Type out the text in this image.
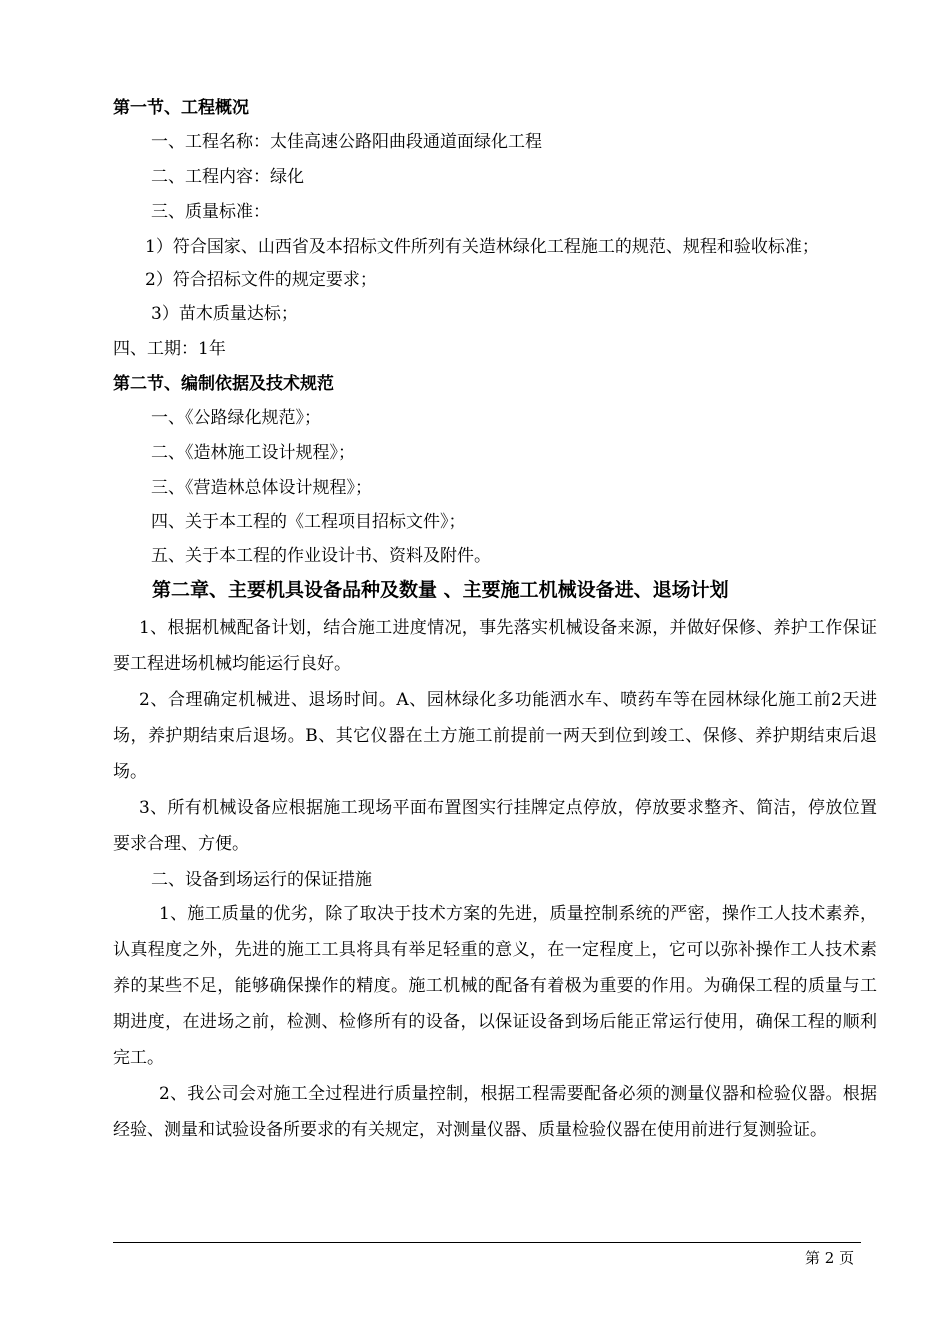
第一节、工程概况
一、工程名称：太佳高速公路阳曲段通道面绿化工程
二、工程内容：绿化
三、质量标准：
1）符合国家、山西省及本招标文件所列有关造林绿化工程施工的规范、规程和验收标准；
2）符合招标文件的规定要求；
3）苗木质量达标；
四、工期：1年
第二节、编制依据及技术规范
一、《公路绿化规范》；
二、《造林施工设计规程》；
三、《营造林总体设计规程》；
四、关于本工程的《工程项目招标文件》；
五、关于本工程的作业设计书、资料及附件。
第二章、主要机具设备品种及数量 、主要施工机械设备进、退场计划
1、根据机械配备计划，结合施工进度情况，事先落实机械设备来源，并做好保修、养护工作保证要工程进场机械均能运行良好。
2、合理确定机械进、退场时间。A、园林绿化多功能洒水车、喷药车等在园林绿化施工前2天进场，养护期结束后退场。B、其它仪器在土方施工前提前一两天到位到竣工、保修、养护期结束后退场。
3、所有机械设备应根据施工现场平面布置图实行挂牌定点停放，停放要求整齐、简洁，停放位置要求合理、方便。
二、设备到场运行的保证措施
1、施工质量的优劣，除了取决于技术方案的先进，质量控制系统的严密，操作工人技术素养，认真程度之外，先进的施工工具将具有举足轻重的意义，在一定程度上，它可以弥补操作工人技术素养的某些不足，能够确保操作的精度。施工机械的配备有着极为重要的作用。为确保工程的质量与工期进度，在进场之前，检测、检修所有的设备，以保证设备到场后能正常运行使用，确保工程的顺利完工。
2、我公司会对施工全过程进行质量控制，根据工程需要配备必须的测量仪器和检验仪器。根据经验、测量和试验设备所要求的有关规定，对测量仪器、质量检验仪器在使用前进行复测验证。
第 2 页
